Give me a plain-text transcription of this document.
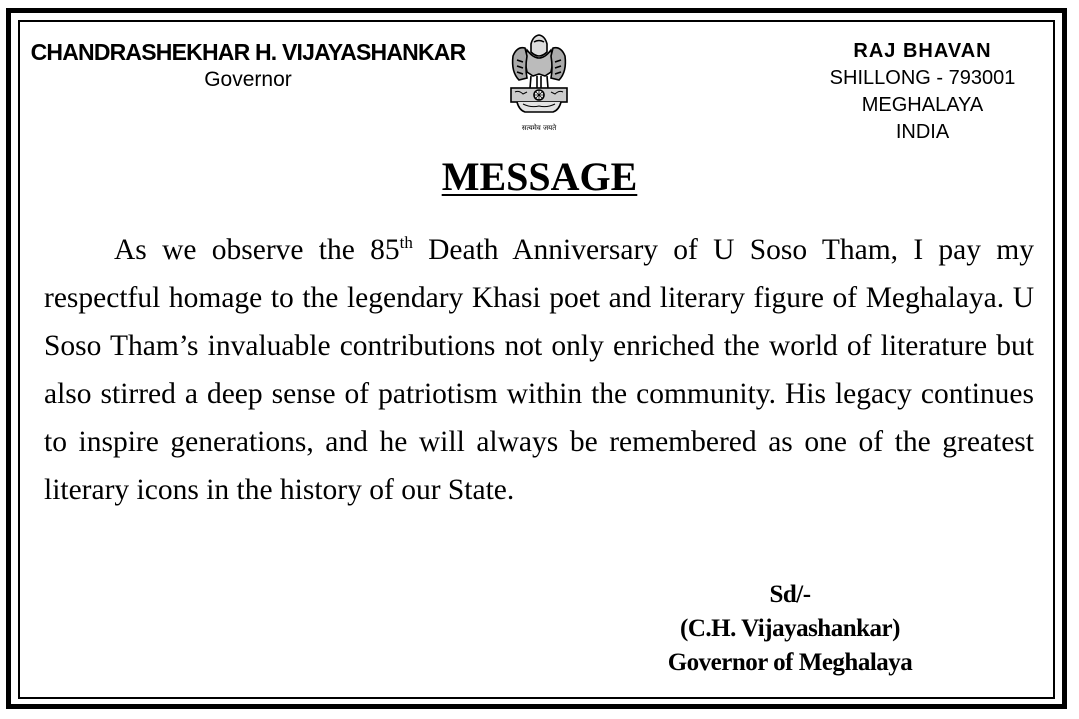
CHANDRASHEKHAR H. VIJAYASHANKAR
Governor
सत्यमेव जयते
RAJ BHAVAN
SHILLONG - 793001
MEGHALAYA
INDIA
MESSAGE

As we observe the 85th Death Anniversary of U Soso Tham, I pay my respectful homage to the legendary Khasi poet and literary figure of Meghalaya. U Soso Tham’s invaluable contributions not only enriched the world of literature but also stirred a deep sense of patriotism within the community. His legacy continues to inspire generations, and he will always be remembered as one of the greatest literary icons in the history of our State.

Sd/-
(C.H. Vijayashankar)
Governor of Meghalaya
